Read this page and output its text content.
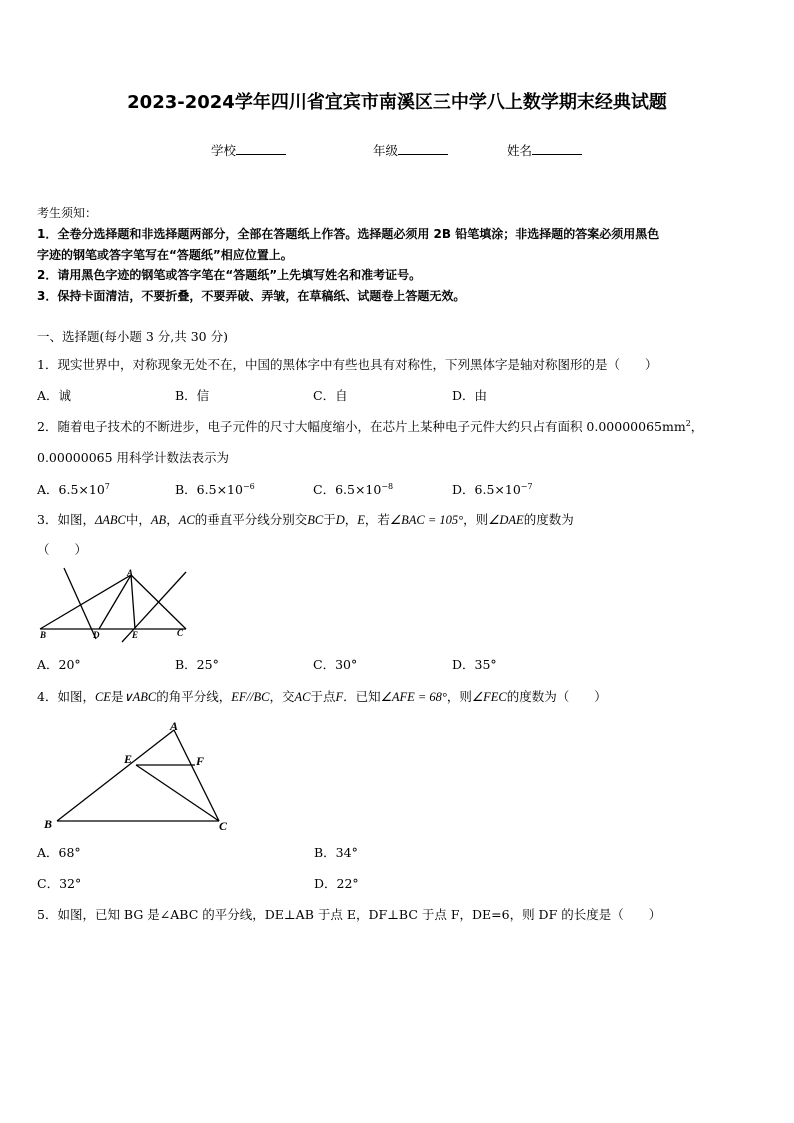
2023-2024学年四川省宜宾市南溪区三中学八上数学期末经典试题
学校	年级	姓名
考生须知：
1．全卷分选择题和非选择题两部分，全部在答题纸上作答。选择题必须用 2B 铅笔填涂；非选择题的答案必须用黑色
字迹的钢笔或答字笔写在“答题纸”相应位置上。
2．请用黑色字迹的钢笔或答字笔在“答题纸”上先填写姓名和准考证号。
3．保持卡面清洁，不要折叠，不要弄破、弄皱，在草稿纸、试题卷上答题无效。
一、选择题(每小题 3 分,共 30 分)
1．现实世界中，对称现象无处不在，中国的黑体字中有些也具有对称性，下列黑体字是轴对称图形的是（　　）
A．诚	B．信	C．自	D．由
2．随着电子技术的不断进步，电子元件的尺寸大幅度缩小，在芯片上某种电子元件大约只占有面积 $0.00000065mm^2$，
0.00000065 用科学计数法表示为
A．$6.5\times 10^7$	B．$6.5\times 10^{-6}$	C．$6.5\times 10^{-8}$	D．$6.5\times 10^{-7}$
3．如图，ΔABC中，AB，AC的垂直平分线分别交BC于D，E，若∠BAC = 105°，则∠DAE的度数为
（　　）
A
B	D	E	C
A．20°	B．25°	C．30°	D．35°
4．如图，CE是∨ABC的角平分线，EF//BC，交AC于点F．已知∠AFE = 68°，则∠FEC的度数为（　　）
A
E	F
B	C
A．68°	B．34°
C．32°	D．22°
5．如图，已知 BG 是∠ABC 的平分线，DE⊥AB 于点 E，DF⊥BC 于点 F，DE=6，则 DF 的长度是（　　）
